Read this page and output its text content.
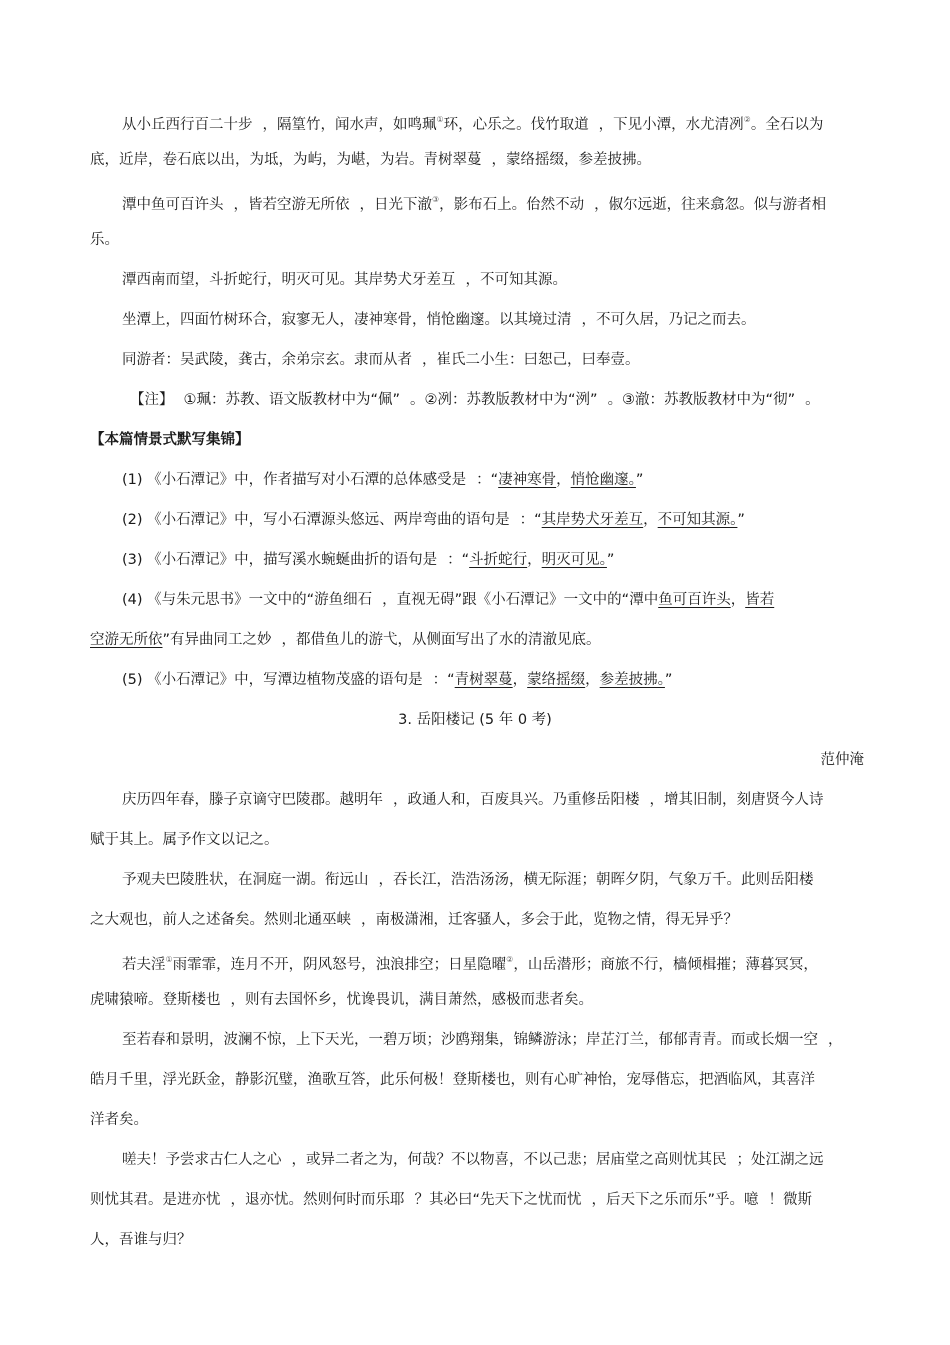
从小丘西行百二十步 ，隔篁竹，闻水声，如鸣珮①环，心乐之。伐竹取道 ，下见小潭，水尤清冽②。全石以为
底，近岸，卷石底以出，为坻，为屿，为嵁，为岩。青树翠蔓 ，蒙络摇缀，参差披拂。
潭中鱼可百许头 ，皆若空游无所依 ，日光下澈③，影布石上。佁然不动 ，俶尔远逝，往来翕忽。似与游者相
乐。
潭西南而望，斗折蛇行，明灭可见。其岸势犬牙差互 ，不可知其源。
坐潭上，四面竹树环合，寂寥无人，凄神寒骨，悄怆幽邃。以其境过清 ，不可久居，乃记之而去。
同游者：吴武陵，龚古，余弟宗玄。隶而从者 ，崔氏二小生：曰恕己，曰奉壹。
【注】 ①珮：苏教、语文版教材中为“佩” 。②冽：苏教版教材中为“洌” 。③澈：苏教版教材中为“彻” 。
【本篇情景式默写集锦】
(1) 《小石潭记》中，作者描写对小石潭的总体感受是 ：“凄神寒骨，悄怆幽邃。”
(2) 《小石潭记》中，写小石潭源头悠远、两岸弯曲的语句是 ：“其岸势犬牙差互，不可知其源。”
(3) 《小石潭记》中，描写溪水蜿蜒曲折的语句是 ：“斗折蛇行，明灭可见。”
(4) 《与朱元思书》一文中的“游鱼细石 ，直视无碍”跟《小石潭记》一文中的“潭中鱼可百许头，皆若
空游无所依”有异曲同工之妙 ，都借鱼儿的游弋，从侧面写出了水的清澈见底。
(5) 《小石潭记》中，写潭边植物茂盛的语句是 ：“青树翠蔓，蒙络摇缀，参差披拂。”
3. 岳阳楼记 (5 年 0 考)
范仲淹
庆历四年春，滕子京谪守巴陵郡。越明年 ，政通人和，百废具兴。乃重修岳阳楼 ，增其旧制，刻唐贤今人诗
赋于其上。属予作文以记之。
予观夫巴陵胜状，在洞庭一湖。衔远山 ，吞长江，浩浩汤汤，横无际涯；朝晖夕阴，气象万千。此则岳阳楼
之大观也，前人之述备矣。然则北通巫峡 ，南极潇湘，迁客骚人，多会于此，览物之情，得无异乎？
若夫淫①雨霏霏，连月不开，阴风怒号，浊浪排空；日星隐曜②，山岳潜形；商旅不行，樯倾楫摧；薄暮冥冥，
虎啸猿啼。登斯楼也 ，则有去国怀乡，忧谗畏讥，满目萧然，感极而悲者矣。
至若春和景明，波澜不惊，上下天光，一碧万顷；沙鸥翔集，锦鳞游泳；岸芷汀兰，郁郁青青。而或长烟一空 ，
皓月千里，浮光跃金，静影沉璧，渔歌互答，此乐何极！登斯楼也，则有心旷神怡，宠辱偕忘，把酒临风，其喜洋
洋者矣。
嗟夫！予尝求古仁人之心 ，或异二者之为，何哉？不以物喜，不以己悲；居庙堂之高则忧其民 ；处江湖之远
则忧其君。是进亦忧 ，退亦忧。然则何时而乐耶 ？其必曰“先天下之忧而忧 ，后天下之乐而乐”乎。噫 ！微斯
人，吾谁与归？
